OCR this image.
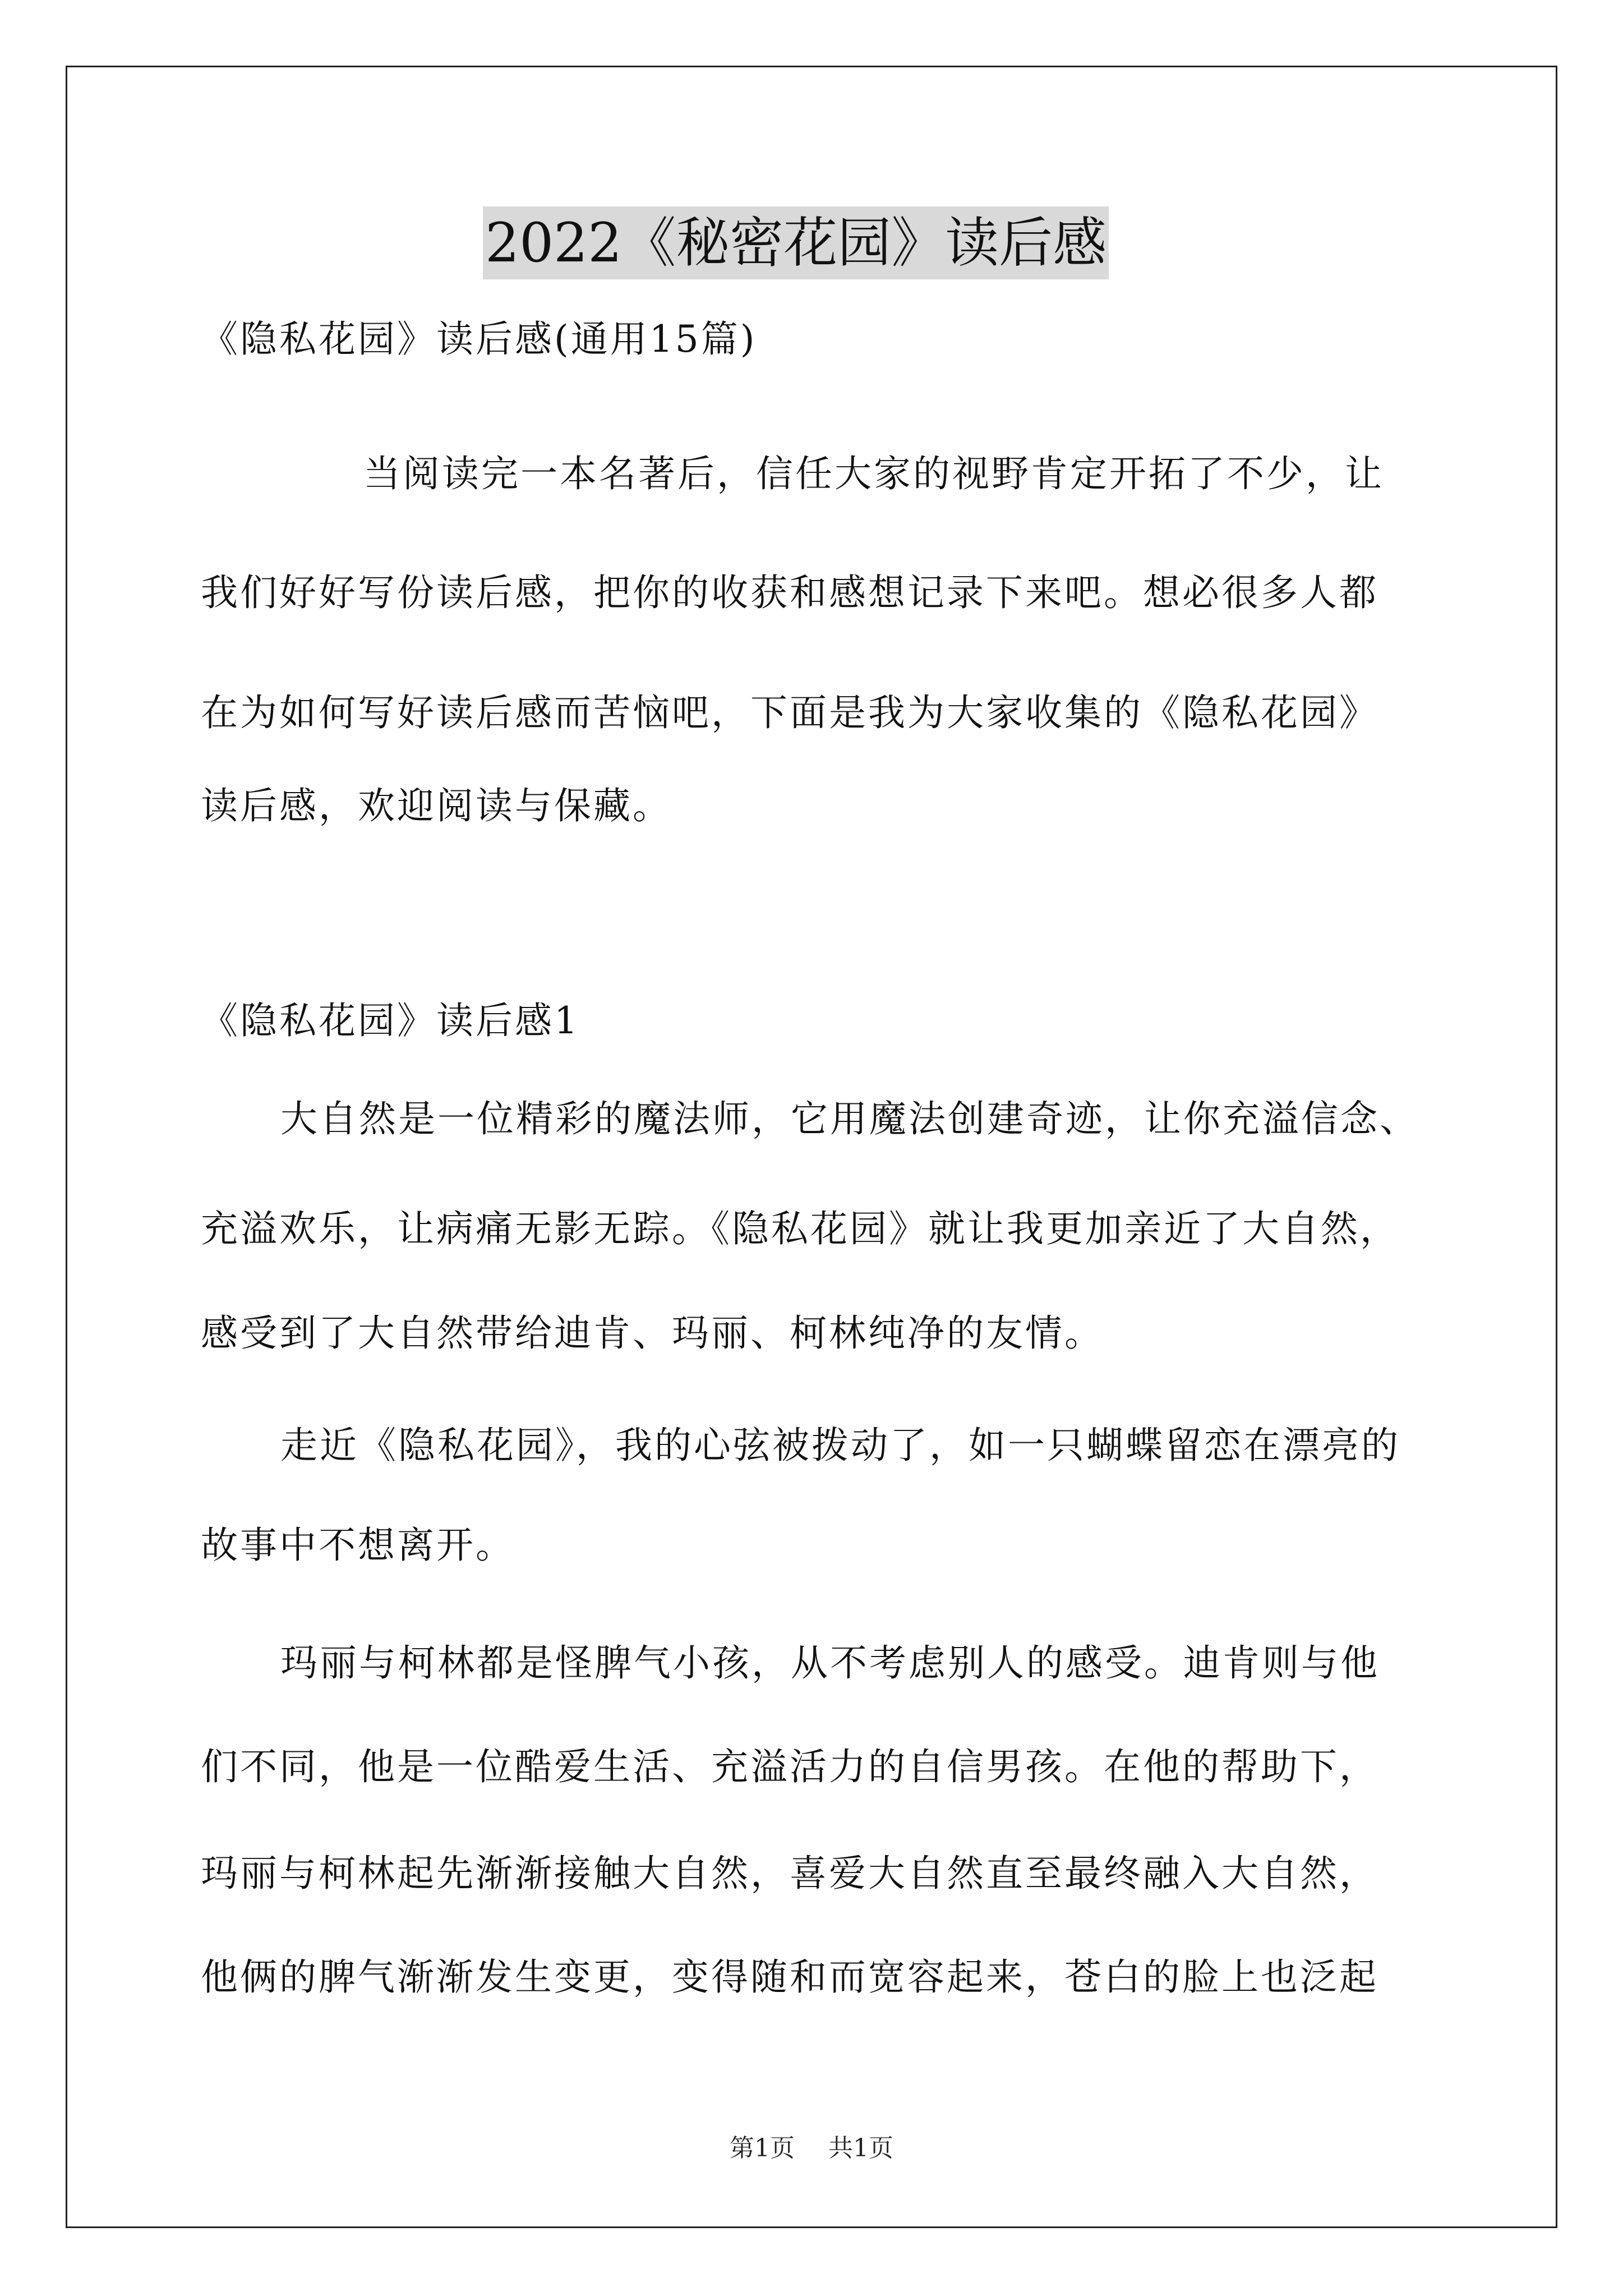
2022《秘密花园》读后感
《隐私花园》读后感(通用15篇)
当阅读完一本名著后，信任大家的视野肯定开拓了不少，让
我们好好写份读后感，把你的收获和感想记录下来吧。想必很多人都
在为如何写好读后感而苦恼吧，下面是我为大家收集的《隐私花园》
读后感，欢迎阅读与保藏。
《隐私花园》读后感1
大自然是一位精彩的魔法师，它用魔法创建奇迹，让你充溢信念、
充溢欢乐，让病痛无影无踪。《隐私花园》就让我更加亲近了大自然，
感受到了大自然带给迪肯、玛丽、柯林纯净的友情。
走近《隐私花园》，我的心弦被拨动了，如一只蝴蝶留恋在漂亮的
故事中不想离开。
玛丽与柯林都是怪脾气小孩，从不考虑别人的感受。迪肯则与他
们不同，他是一位酷爱生活、充溢活力的自信男孩。在他的帮助下，
玛丽与柯林起先渐渐接触大自然，喜爱大自然直至最终融入大自然，
他俩的脾气渐渐发生变更，变得随和而宽容起来，苍白的脸上也泛起
第1页 共1页
